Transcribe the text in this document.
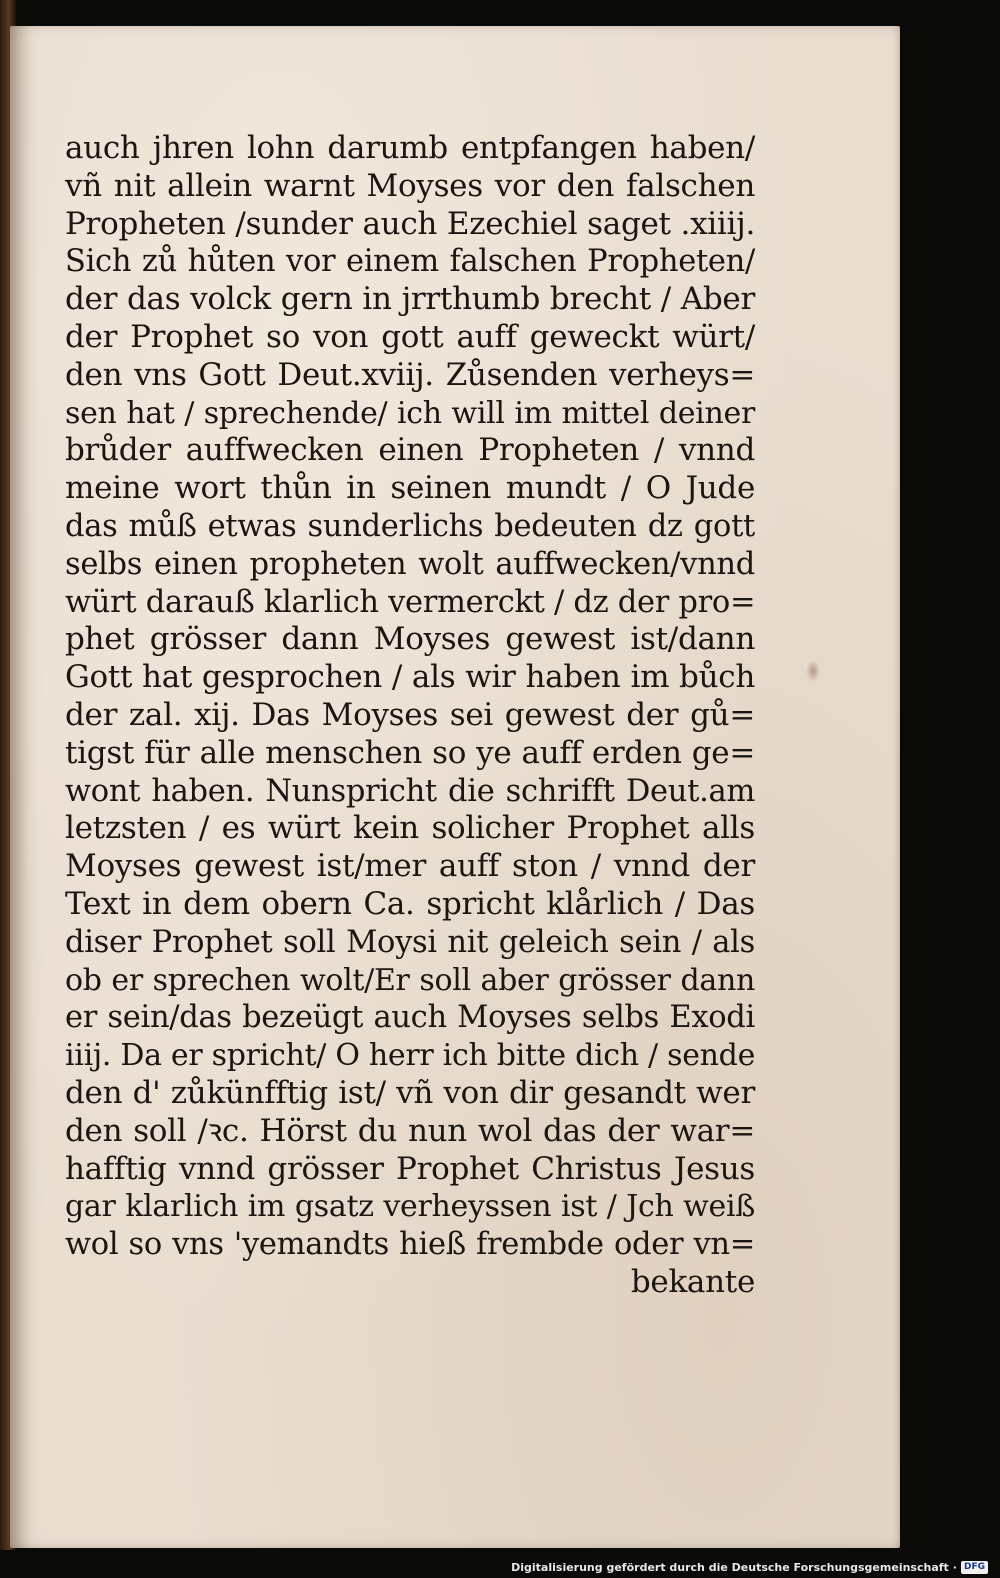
auch jhren lohn darumb entpfangen haben/
vñ nit allein warnt Moyses vor den falschen
Propheten /sunder auch Ezechiel saget .xiiij.
Sich zů hůten vor einem falschen Propheten/
der das volck gern in jrrthumb brecht / Aber
der Prophet so von gott auff geweckt würt/
den vns Gott Deut.xviij. Zůsenden verheys=
sen hat / sprechende/ ich will im mittel deiner
brůder auffwecken einen Propheten / vnnd
meine wort thůn in seinen mundt / O Jude
das můß etwas sunderlichs bedeuten dz gott
selbs einen propheten wolt auffwecken/vnnd
würt darauß klarlich vermerckt / dz der pro=
phet grösser dann Moyses gewest ist/dann
Gott hat gesprochen / als wir haben im bůch
der zal. xij. Das Moyses sei gewest der gů=
tigst für alle menschen so ye auff erden ge=
wont haben. Nunspricht die schrifft Deut.am
letzsten / es würt kein solicher Prophet alls
Moyses gewest ist/mer auff ston / vnnd der
Text in dem obern Ca. spricht klårlich / Das
diser Prophet soll Moysi nit geleich sein / als
ob er sprechen wolt/Er soll aber grösser dann
er sein/das bezeügt auch Moyses selbs Exodi
iiij. Da er spricht/ O herr ich bitte dich / sende
den d' zůkünfftig ist/ vñ von dir gesandt wer
den soll /ꝛc. Hörst du nun wol das der war=
hafftig vnnd grösser Prophet Christus Jesus
gar klarlich im gsatz verheyssen ist / Jch weiß
wol so vns 'yemandts hieß frembde oder vn=
bekante
Digitalisierung gefördert durch die Deutsche Forschungsgemeinschaft · DFG
